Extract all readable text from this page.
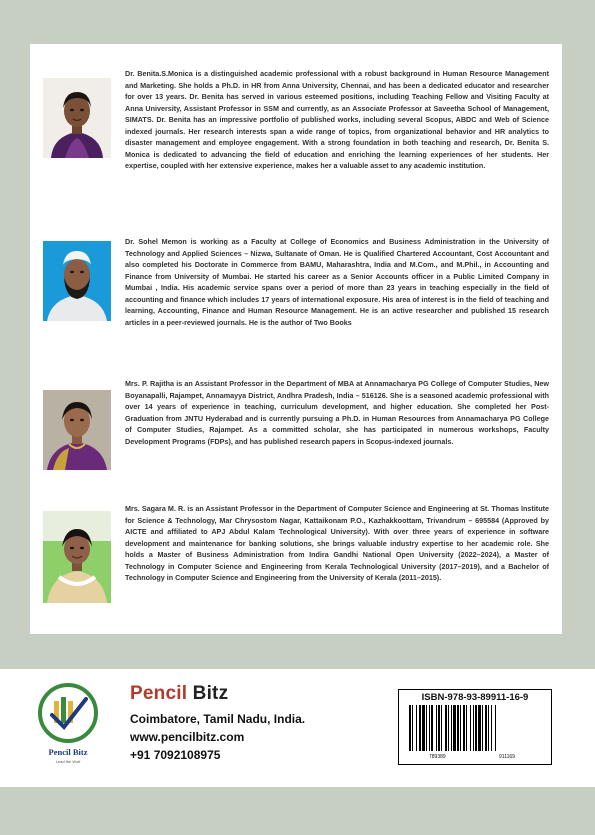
Dr. Benita.S.Monica is a distinguished academic professional with a robust background in Human Resource Management and Marketing. She holds a Ph.D. in HR from Anna University, Chennai, and has been a dedicated educator and researcher for over 13 years. Dr. Benita has served in various esteemed positions, including Teaching Fellow and Visiting Faculty at Anna University, Assistant Professor in SSM and currently, as an Associate Professor at Saveetha School of Management, SIMATS. Dr. Benita has an impressive portfolio of published works, including several Scopus, ABDC and Web of Science indexed journals. Her research interests span a wide range of topics, from organizational behavior and HR analytics to disaster management and employee engagement. With a strong foundation in both teaching and research, Dr. Benita S. Monica is dedicated to advancing the field of education and enriching the learning experiences of her students. Her expertise, coupled with her extensive experience, makes her a valuable asset to any academic institution.

Dr. Sohel Memon is working as a Faculty at College of Economics and Business Administration in the University of Technology and Applied Sciences – Nizwa, Sultanate of Oman. He is Qualified Chartered Accountant, Cost Accountant and also completed his Doctorate in Commerce from BAMU, Maharashtra, India and M.Com., and M.Phil., in Accounting and Finance from University of Mumbai. He started his career as a Senior Accounts officer in a Public Limited Company in Mumbai , India. His academic service spans over a period of more than 23 years in teaching especially in the field of accounting and finance which includes 17 years of international exposure. His area of interest is in the field of teaching and learning, Accounting, Finance and Human Resource Management. He is an active researcher and published 15 research articles in a peer-reviewed journals. He is the author of Two Books

Mrs. P. Rajitha is an Assistant Professor in the Department of MBA at Annamacharya PG College of Computer Studies, New Boyanapalli, Rajampet, Annamayya District, Andhra Pradesh, India – 516126. She is a seasoned academic professional with over 14 years of experience in teaching, curriculum development, and higher education. She completed her Post-Graduation from JNTU Hyderabad and is currently pursuing a Ph.D. in Human Resources from Annamacharya PG College of Computer Studies, Rajampet. As a committed scholar, she has participated in numerous workshops, Faculty Development Programs (FDPs), and has published research papers in Scopus-indexed journals.

Mrs. Sagara M. R. is an Assistant Professor in the Department of Computer Science and Engineering at St. Thomas Institute for Science & Technology, Mar Chrysostom Nagar, Kattaikonam P.O., Kazhakkoottam, Trivandrum – 695584 (Approved by AICTE and affiliated to APJ Abdul Kalam Technological University). With over three years of experience in software development and maintenance for banking solutions, she brings valuable industry expertise to her academic role. She holds a Master of Business Administration from Indira Gandhi National Open University (2022–2024), a Master of Technology in Computer Science and Engineering from Kerala Technological University (2017–2019), and a Bachelor of Technology in Computer Science and Engineering from the University of Kerala (2011–2015).

Pencil Bitz
Lead the Wolf
Pencil Bitz
Coimbatore, Tamil Nadu, India.
www.pencilbitz.com
+91 7092108975
ISBN-978-93-89911-16-9
789389	911169
